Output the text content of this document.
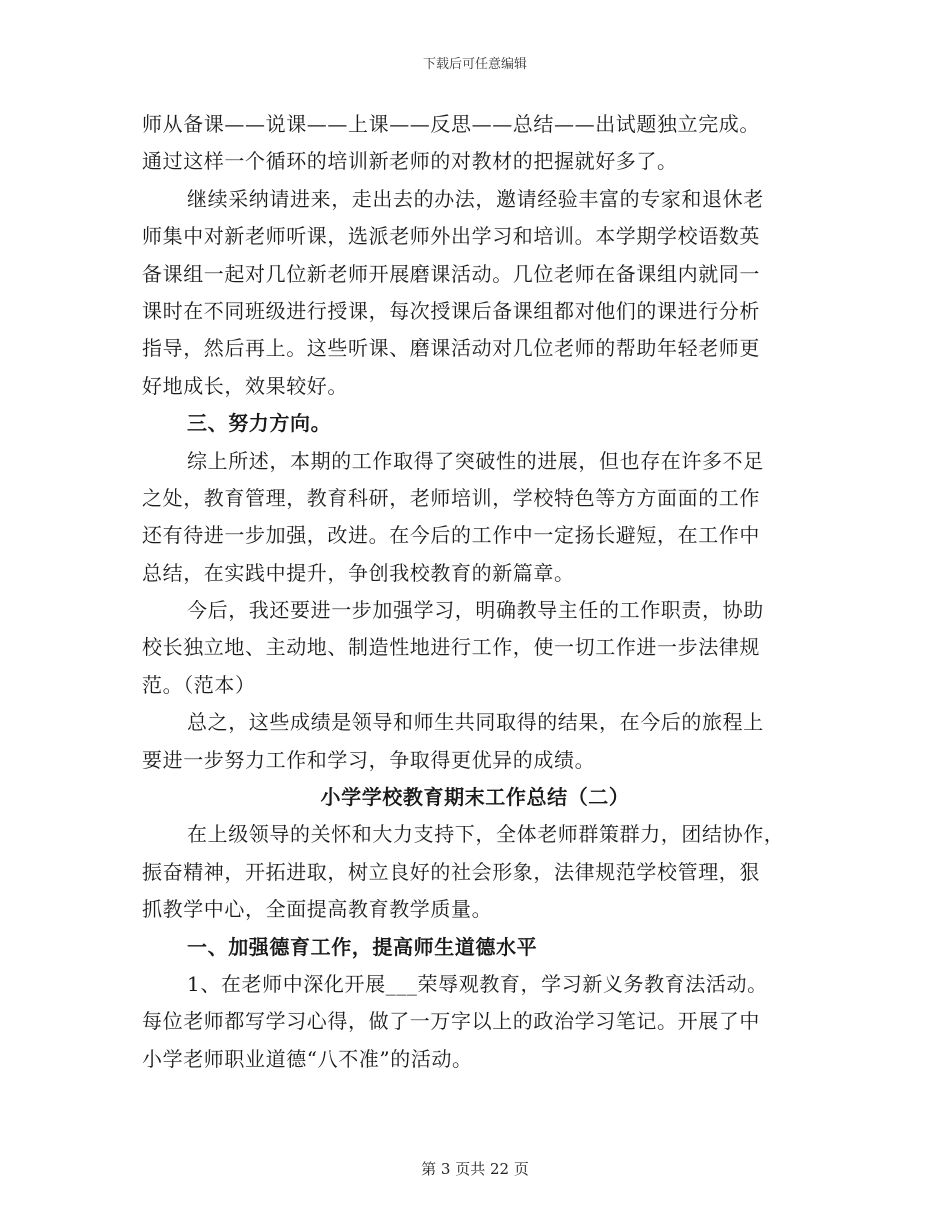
下载后可任意编辑
师从备课——说课——上课——反思——总结——出试题独立完成。
通过这样一个循环的培训新老师的对教材的把握就好多了。
继续采纳请进来，走出去的办法，邀请经验丰富的专家和退休老
师集中对新老师听课，选派老师外出学习和培训。本学期学校语数英
备课组一起对几位新老师开展磨课活动。几位老师在备课组内就同一
课时在不同班级进行授课，每次授课后备课组都对他们的课进行分析
指导，然后再上。这些听课、磨课活动对几位老师的帮助年轻老师更
好地成长，效果较好。
三、努力方向。
综上所述，本期的工作取得了突破性的进展，但也存在许多不足
之处，教育管理，教育科研，老师培训，学校特色等方方面面的工作
还有待进一步加强，改进。在今后的工作中一定扬长避短，在工作中
总结，在实践中提升，争创我校教育的新篇章。
今后，我还要进一步加强学习，明确教导主任的工作职责，协助
校长独立地、主动地、制造性地进行工作，使一切工作进一步法律规
范。（范本）
总之，这些成绩是领导和师生共同取得的结果，在今后的旅程上
要进一步努力工作和学习，争取得更优异的成绩。
小学学校教育期末工作总结（二）
在上级领导的关怀和大力支持下，全体老师群策群力，团结协作，
振奋精神，开拓进取，树立良好的社会形象，法律规范学校管理，狠
抓教学中心，全面提高教育教学质量。
一、加强德育工作，提高师生道德水平
1、在老师中深化开展___荣辱观教育，学习新义务教育法活动。
每位老师都写学习心得，做了一万字以上的政治学习笔记。开展了中
小学老师职业道德“八不准”的活动。
第 3 页共 22 页
